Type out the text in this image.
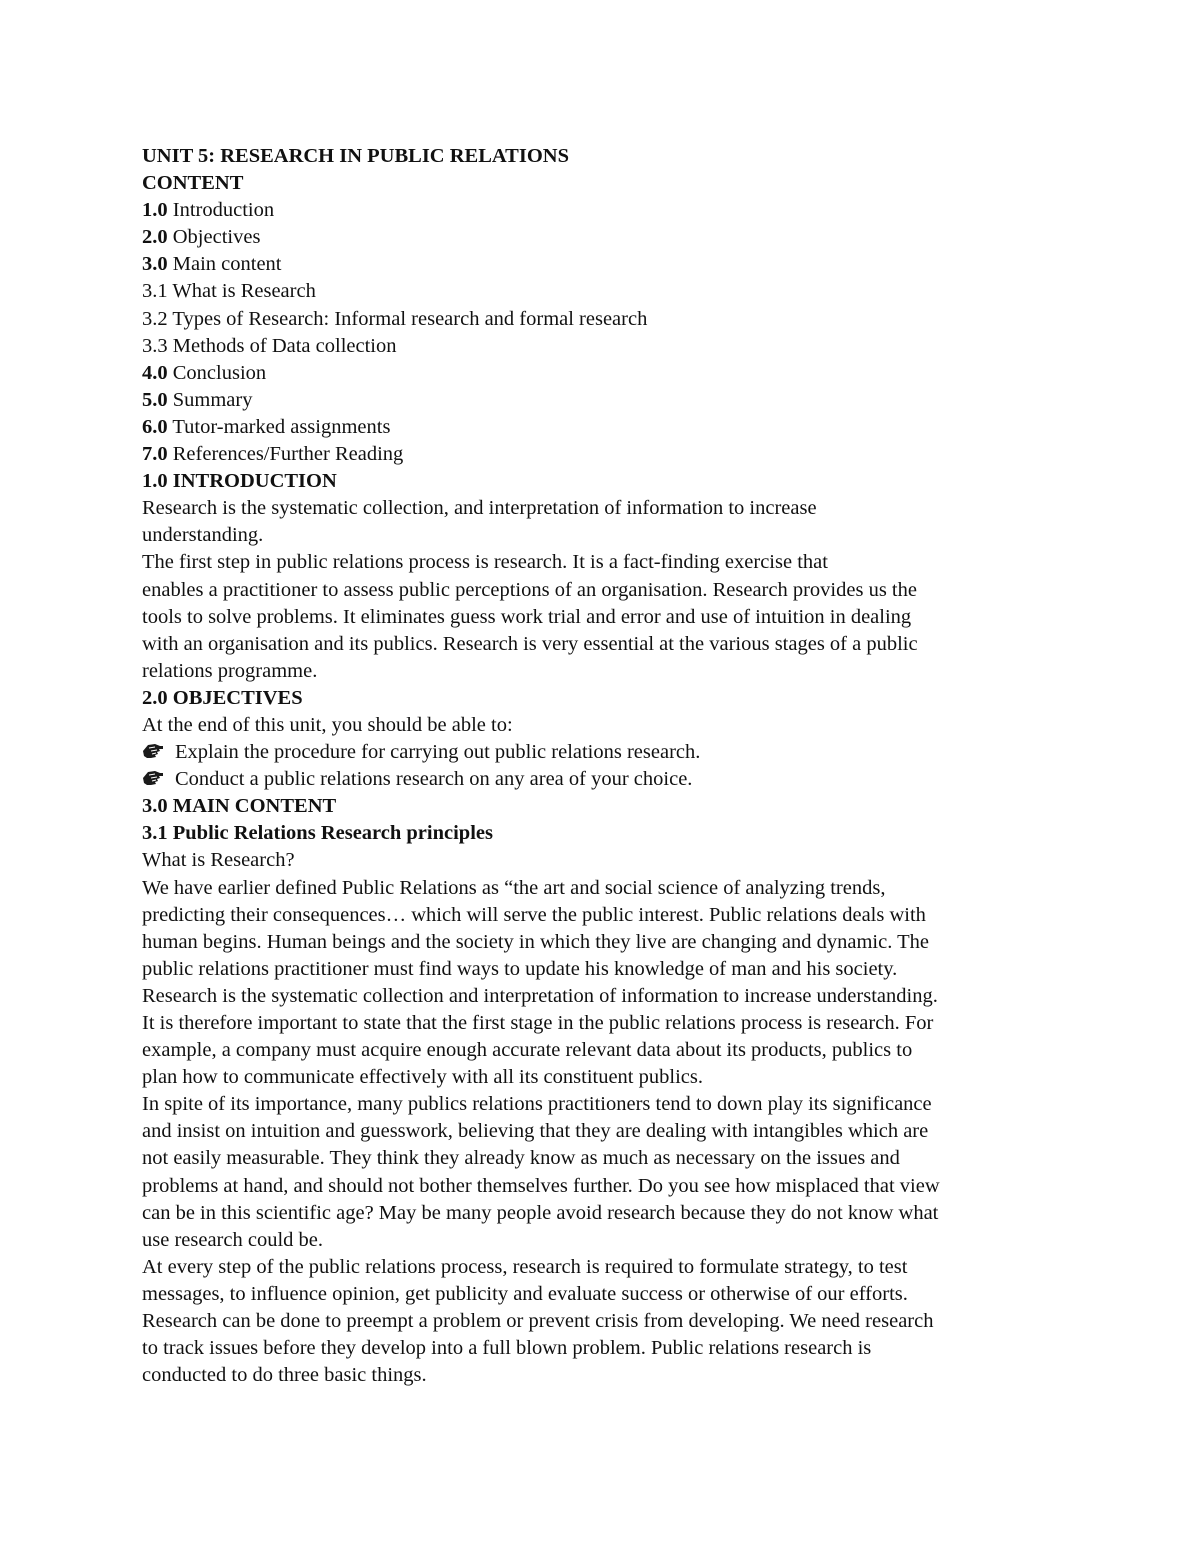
UNIT 5: RESEARCH IN PUBLIC RELATIONS
CONTENT
1.0 Introduction
2.0 Objectives
3.0 Main content
3.1 What is Research
3.2 Types of Research: Informal research and formal research
3.3 Methods of Data collection
4.0 Conclusion
5.0 Summary
6.0 Tutor-marked assignments
7.0 References/Further Reading
1.0 INTRODUCTION
Research is the systematic collection, and interpretation of information to increase
understanding.
The first step in public relations process is research. It is a fact-finding exercise that
enables a practitioner to assess public perceptions of an organisation. Research provides us the
tools to solve problems. It eliminates guess work trial and error and use of intuition in dealing
with an organisation and its publics. Research is very essential at the various stages of a public
relations programme.
2.0 OBJECTIVES
At the end of this unit, you should be able to:
Explain the procedure for carrying out public relations research.
Conduct a public relations research on any area of your choice.
3.0 MAIN CONTENT
3.1 Public Relations Research principles
What is Research?
We have earlier defined Public Relations as “the art and social science of analyzing trends,
predicting their consequences… which will serve the public interest. Public relations deals with
human begins. Human beings and the society in which they live are changing and dynamic. The
public relations practitioner must find ways to update his knowledge of man and his society.
Research is the systematic collection and interpretation of information to increase understanding.
It is therefore important to state that the first stage in the public relations process is research. For
example, a company must acquire enough accurate relevant data about its products, publics to
plan how to communicate effectively with all its constituent publics.
In spite of its importance, many publics relations practitioners tend to down play its significance
and insist on intuition and guesswork, believing that they are dealing with intangibles which are
not easily measurable. They think they already know as much as necessary on the issues and
problems at hand, and should not bother themselves further. Do you see how misplaced that view
can be in this scientific age? May be many people avoid research because they do not know what
use research could be.
At every step of the public relations process, research is required to formulate strategy, to test
messages, to influence opinion, get publicity and evaluate success or otherwise of our efforts.
Research can be done to preempt a problem or prevent crisis from developing. We need research
to track issues before they develop into a full blown problem. Public relations research is
conducted to do three basic things.
